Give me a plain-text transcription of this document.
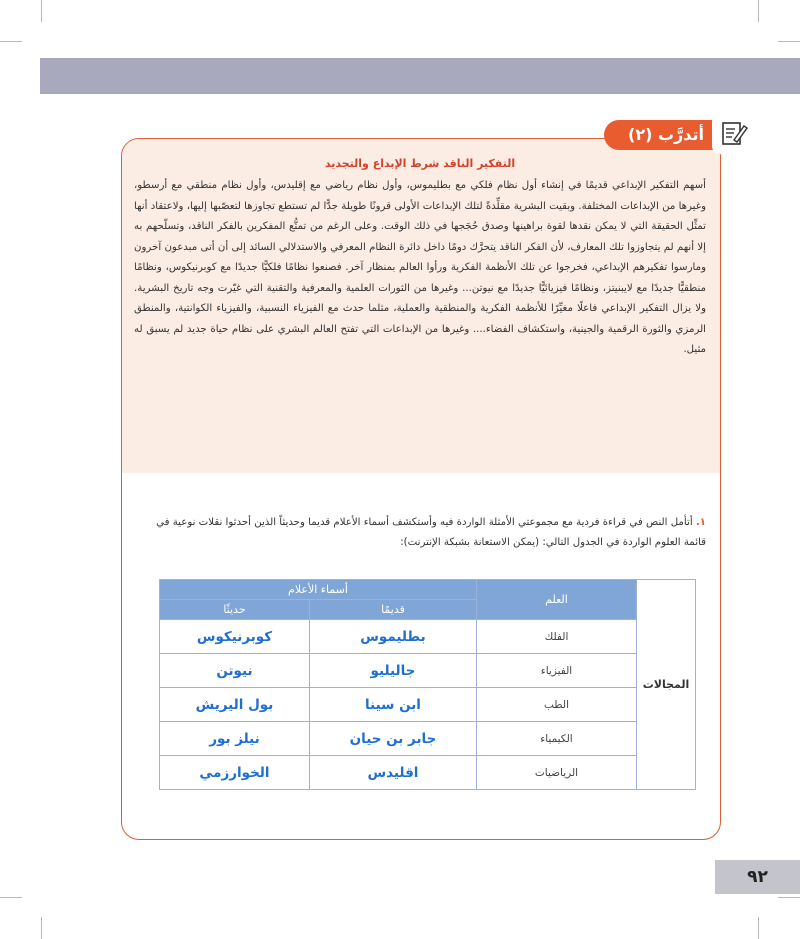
أتدرَّب (٢)
التفكير الناقد شرط الإبداع والتجديد
أسهم التفكير الإبداعي قديمًا في إنشاء أول نظام فلكي مع بطليموس، وأول نظام رياضي مع إقليدس، وأول نظام منطقي مع أرسطو، وغيرها من الإبداعات المختلفة. وبقيت البشرية مقلِّدةً لتلك الإبداعات الأولى قرونًا طويلة جدًّا لم تستطع تجاوزها لتعصّبها إليها، ولاعتقاد أنها تمثِّل الحقيقة التي لا يمكن نقدها لقوة براهينها وصدق حُجَجها في ذلك الوقت. وعلى الرغم من تمتُّع المفكرين بالفكر الناقد، وتسلّحهم به إلا أنهم لم يتجاوزوا تلك المعارف، لأن الفكر الناقد يتحرَّك دومًا داخل دائرة النظام المعرفي والاستدلالي السائد إلى أن أتى مبدعون آخرون ومارسوا تفكيرهم الإبداعي، فخرجوا عن تلك الأنظمة الفكرية ورأوا العالم بمنظار آخر. فصنعوا نظامًا فلكيًّا جديدًا مع كوبرنيكوس، ونظامًا منطقيًّا جديدًا مع لايبنيتز، ونظامًا فيزيائيًّا جديدًا مع نيوتن... وغيرها من الثورات العلمية والمعرفية والتقنية التي غيّرت وجه تاريخ البشرية. ولا يزال التفكير الإبداعي فاعلًا مغيِّرًا للأنظمة الفكرية والمنطقية والعملية، مثلما حدث مع الفيزياء النسبية، والفيزياء الكوانتية، والمنطق الرمزي والثورة الرقمية والجينية، واستكشاف الفضاء.... وغيرها من الإبداعات التي تفتح العالم البشري على نظام حياة جديد لم يسبق له مثيل.
١. أتأمل النص في قراءة فردية مع مجموعتي الأمثلة الواردة فيه وأستكشف أسماء الأعلام قديما وحديثاً الذين أحدثوا نقلات نوعية في قائمة العلوم الواردة في الجدول التالي: (يمكن الاستعانة بشبكة الإنترنت):
المجالات	العلم	أسماء الأعلام	
		قديمًا	حديثًا
	الفلك	بطليموس	كوبرنيكوس
	الفيزياء	جاليليو	نيوتن
	الطب	ابن سينا	بول اليريش
	الكيمياء	جابر بن حيان	نيلز بور
	الرياضيات	اقليدس	الخوارزمي
٩٢
